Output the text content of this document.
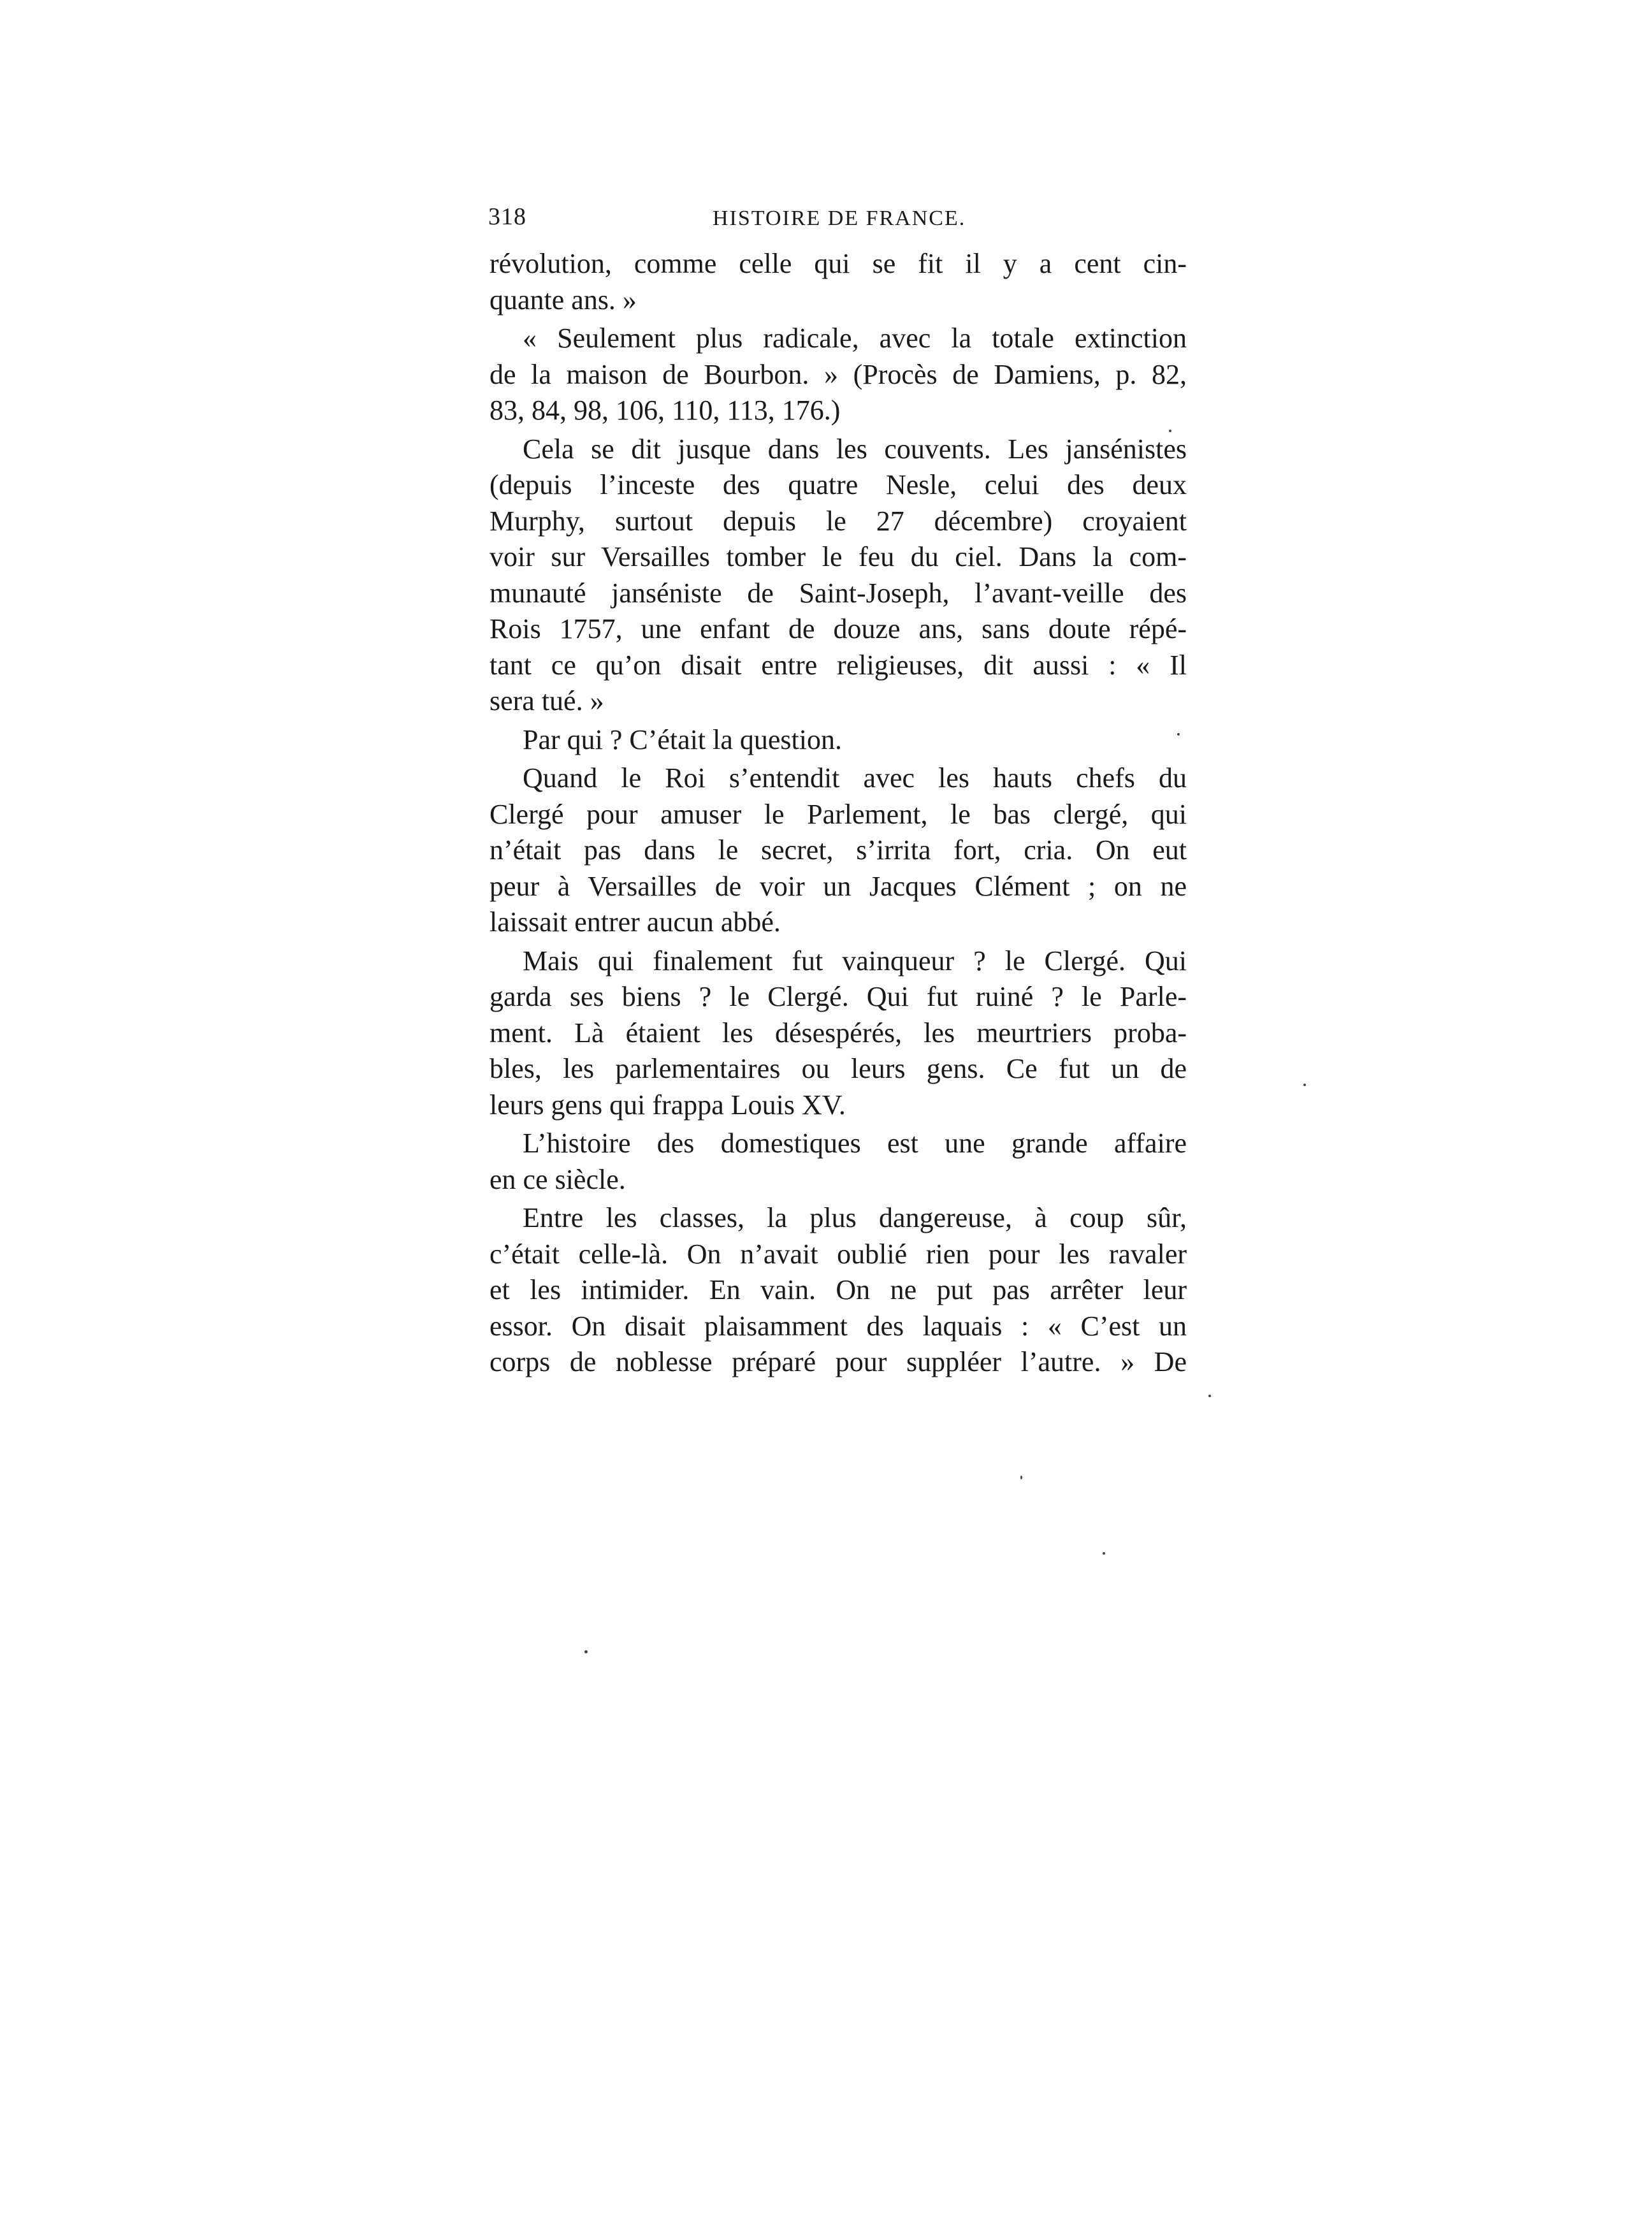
318	HISTOIRE DE FRANCE.
révolution, comme celle qui se fit il y a cent cin-
quante ans. »
« Seulement plus radicale, avec la totale extinction
de la maison de Bourbon. » (Procès de Damiens, p. 82,
83, 84, 98, 106, 110, 113, 176.)
Cela se dit jusque dans les couvents. Les jansénistes
(depuis l’inceste des quatre Nesle, celui des deux
Murphy, surtout depuis le 27 décembre) croyaient
voir sur Versailles tomber le feu du ciel. Dans la com-
munauté janséniste de Saint-Joseph, l’avant-veille des
Rois 1757, une enfant de douze ans, sans doute répé-
tant ce qu’on disait entre religieuses, dit aussi : « Il
sera tué. »
Par qui ? C’était la question.
Quand le Roi s’entendit avec les hauts chefs du
Clergé pour amuser le Parlement, le bas clergé, qui
n’était pas dans le secret, s’irrita fort, cria. On eut
peur à Versailles de voir un Jacques Clément ; on ne
laissait entrer aucun abbé.
Mais qui finalement fut vainqueur ? le Clergé. Qui
garda ses biens ? le Clergé. Qui fut ruiné ? le Parle-
ment. Là étaient les désespérés, les meurtriers proba-
bles, les parlementaires ou leurs gens. Ce fut un de
leurs gens qui frappa Louis XV.
L’histoire des domestiques est une grande affaire
en ce siècle.
Entre les classes, la plus dangereuse, à coup sûr,
c’était celle-là. On n’avait oublié rien pour les ravaler
et les intimider. En vain. On ne put pas arrêter leur
essor. On disait plaisamment des laquais : « C’est un
corps de noblesse préparé pour suppléer l’autre. » De
